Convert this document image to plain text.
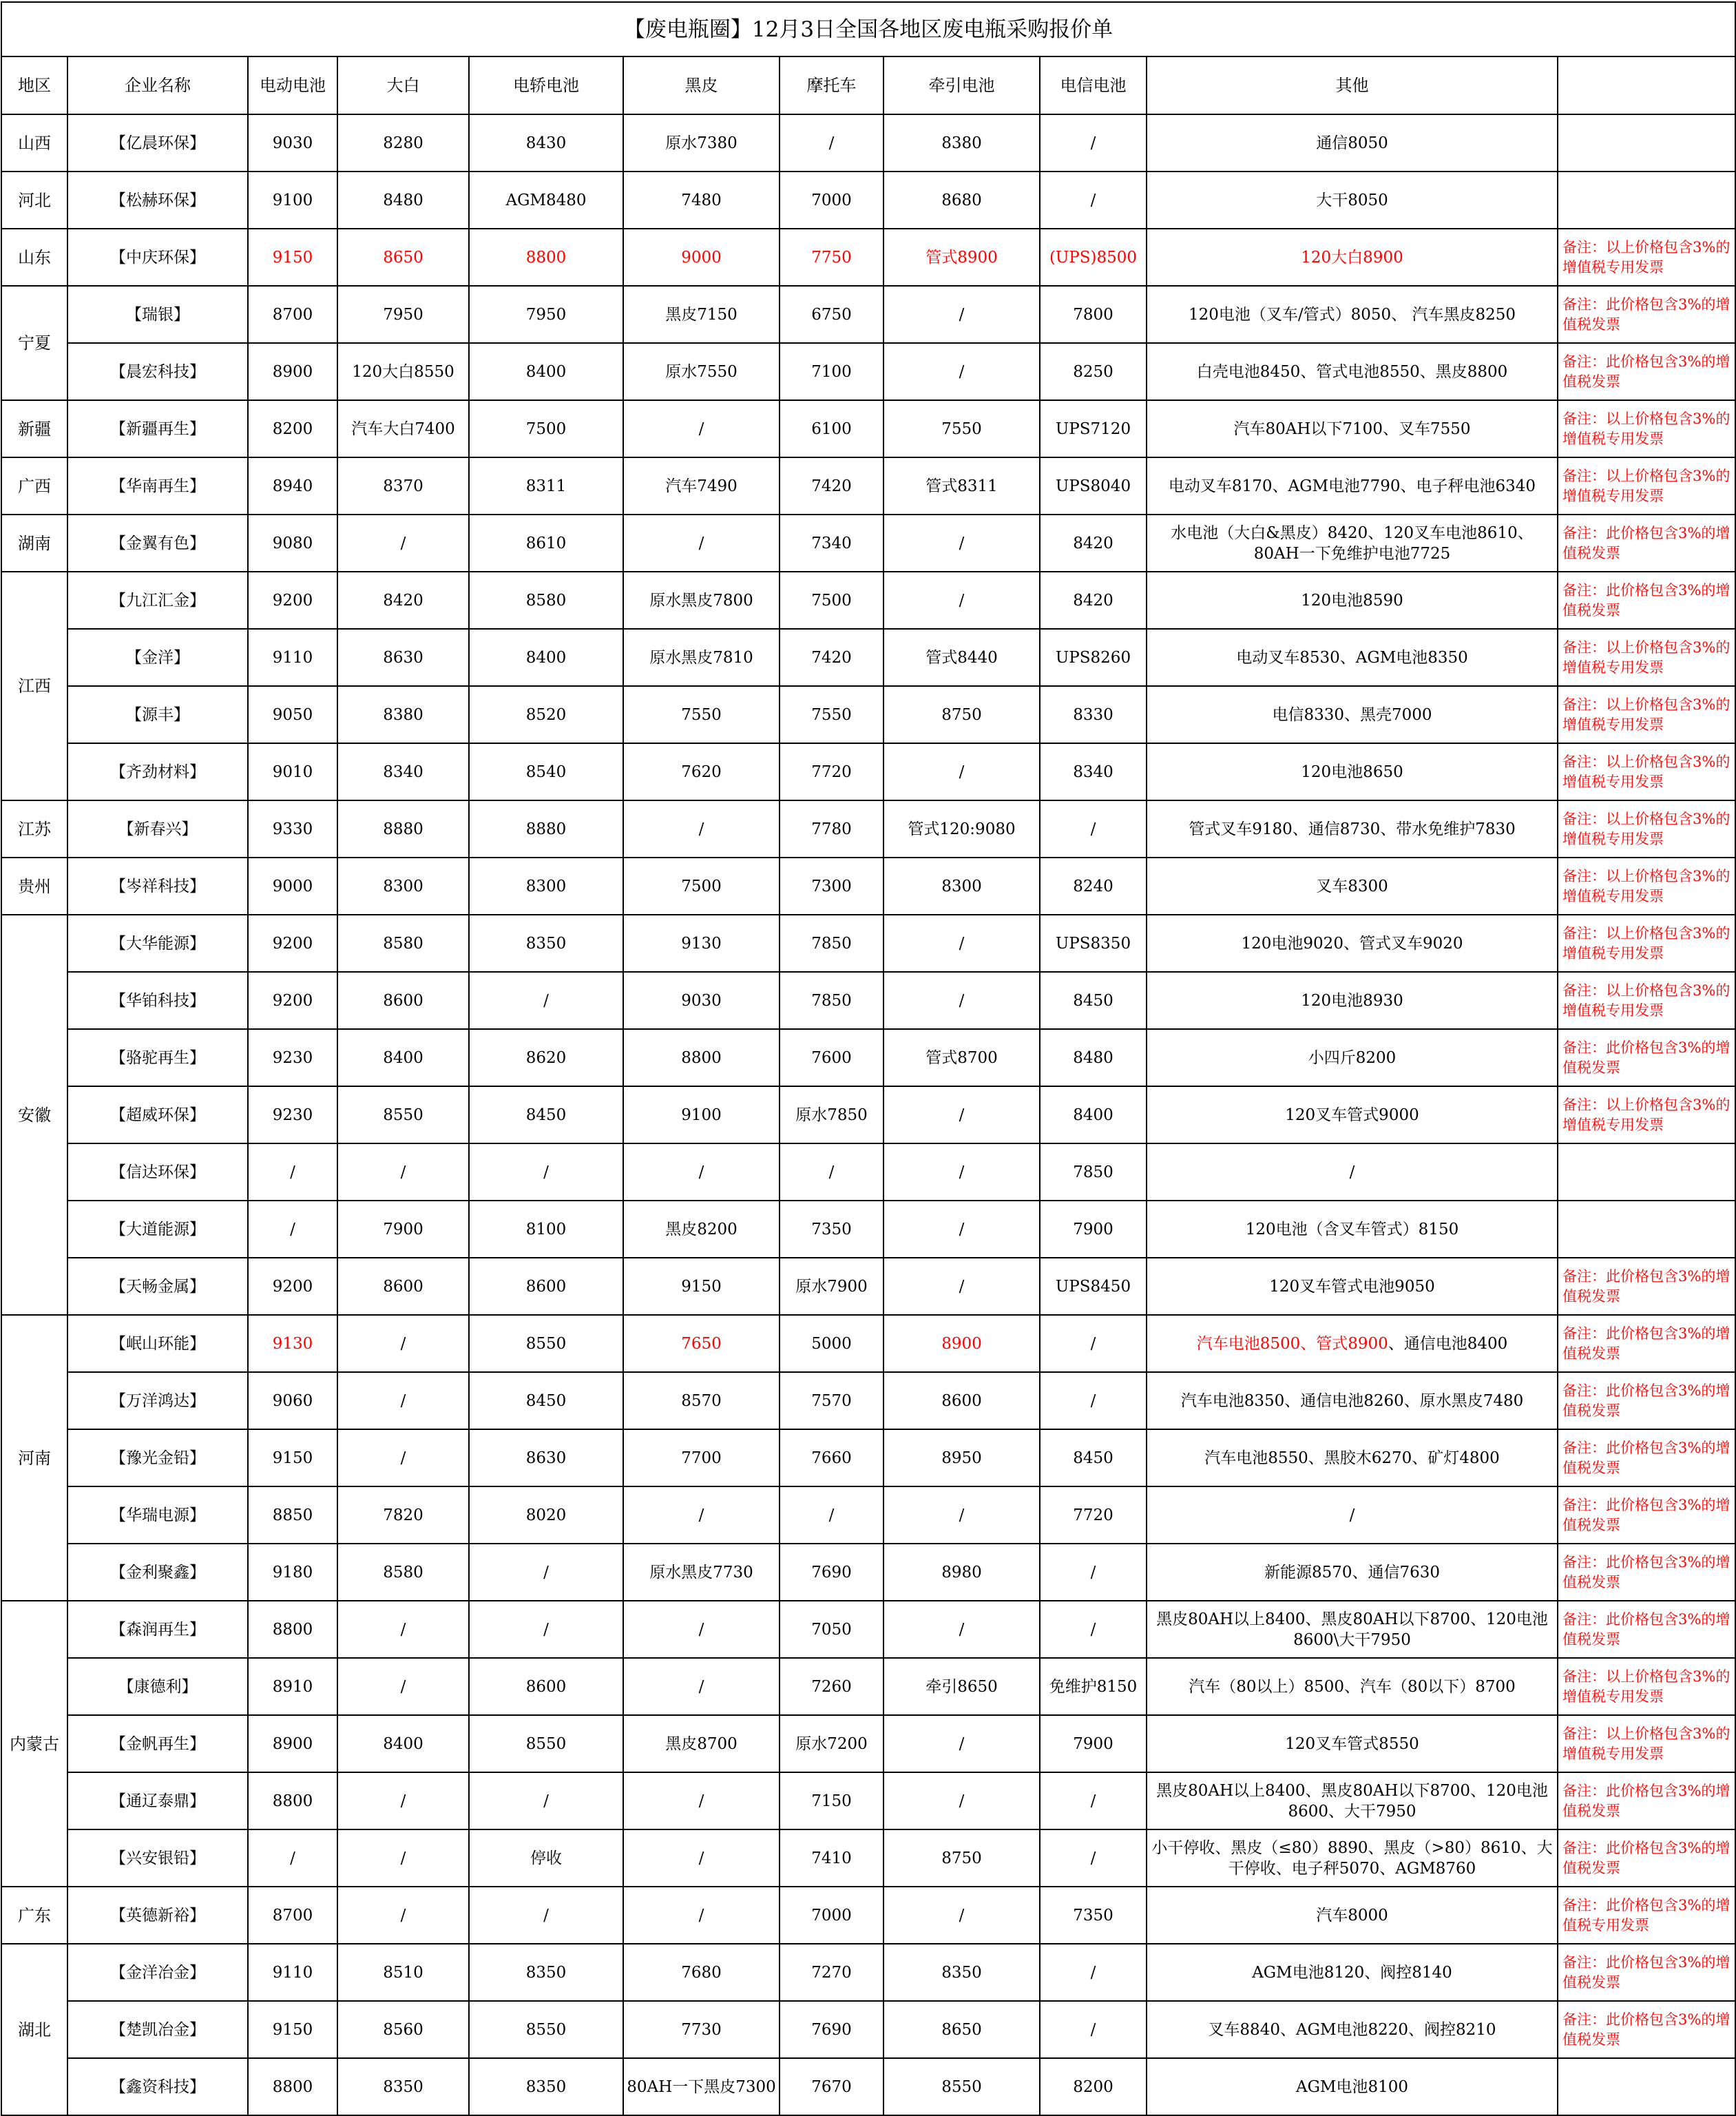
【废电瓶圈】12月3日全国各地区废电瓶采购报价单										
地区	企业名称	电动电池	大白	电轿电池	黑皮	摩托车	牵引电池	电信电池	其他	
山西	【亿晨环保】	9030	8280	8430	原水7380	/	8380	/	通信8050	
河北	【松赫环保】	9100	8480	AGM8480	7480	7000	8680	/	大干8050	
山东	【中庆环保】	9150	8650	8800	9000	7750	管式8900	(UPS)8500	120大白8900	备注：以上价格包含3%的增值税专用发票
宁夏	【瑞银】	8700	7950	7950	黑皮7150	6750	/	7800	120电池（叉车/管式）8050、 汽车黑皮8250	备注：此价格包含3%的增值税发票
	【晨宏科技】	8900	120大白8550	8400	原水7550	7100	/	8250	白壳电池8450、管式电池8550、黑皮8800	备注：此价格包含3%的增值税发票
新疆	【新疆再生】	8200	汽车大白7400	7500	/	6100	7550	UPS7120	汽车80AH以下7100、叉车7550	备注：以上价格包含3%的增值税专用发票
广西	【华南再生】	8940	8370	8311	汽车7490	7420	管式8311	UPS8040	电动叉车8170、AGM电池7790、电子秤电池6340	备注：以上价格包含3%的增值税专用发票
湖南	【金翼有色】	9080	/	8610	/	7340	/	8420	水电池（大白&黑皮）8420、120叉车电池8610、80AH一下免维护电池7725	备注：此价格包含3%的增值税发票
江西	【九江汇金】	9200	8420	8580	原水黑皮7800	7500	/	8420	120电池8590	备注：此价格包含3%的增值税发票
	【金洋】	9110	8630	8400	原水黑皮7810	7420	管式8440	UPS8260	电动叉车8530、AGM电池8350	备注：以上价格包含3%的增值税专用发票
	【源丰】	9050	8380	8520	7550	7550	8750	8330	电信8330、黑壳7000	备注：以上价格包含3%的增值税专用发票
	【齐劲材料】	9010	8340	8540	7620	7720	/	8340	120电池8650	备注：以上价格包含3%的增值税专用发票
江苏	【新春兴】	9330	8880	8880	/	7780	管式120:9080	/	管式叉车9180、通信8730、带水免维护7830	备注：以上价格包含3%的增值税专用发票
贵州	【岑祥科技】	9000	8300	8300	7500	7300	8300	8240	叉车8300	备注：以上价格包含3%的增值税专用发票
安徽	【大华能源】	9200	8580	8350	9130	7850	/	UPS8350	120电池9020、管式叉车9020	备注：以上价格包含3%的增值税专用发票
	【华铂科技】	9200	8600	/	9030	7850	/	8450	120电池8930	备注：以上价格包含3%的增值税专用发票
	【骆驼再生】	9230	8400	8620	8800	7600	管式8700	8480	小四斤8200	备注：此价格包含3%的增值税发票
	【超威环保】	9230	8550	8450	9100	原水7850	/	8400	120叉车管式9000	备注：以上价格包含3%的增值税专用发票
	【信达环保】	/	/	/	/	/	/	7850	/	
	【大道能源】	/	7900	8100	黑皮8200	7350	/	7900	120电池（含叉车管式）8150	
	【天畅金属】	9200	8600	8600	9150	原水7900	/	UPS8450	120叉车管式电池9050	备注：此价格包含3%的增值税发票
河南	【岷山环能】	9130	/	8550	7650	5000	8900	/	汽车电池8500、管式8900、通信电池8400	备注：此价格包含3%的增值税发票
	【万洋鸿达】	9060	/	8450	8570	7570	8600	/	汽车电池8350、通信电池8260、原水黑皮7480	备注：此价格包含3%的增值税发票
	【豫光金铅】	9150	/	8630	7700	7660	8950	8450	汽车电池8550、黑胶木6270、矿灯4800	备注：此价格包含3%的增值税发票
	【华瑞电源】	8850	7820	8020	/	/	/	7720	/	备注：此价格包含3%的增值税发票
	【金利聚鑫】	9180	8580	/	原水黑皮7730	7690	8980	/	新能源8570、通信7630	备注：此价格包含3%的增值税发票
内蒙古	【森润再生】	8800	/	/	/	7050	/	/	黑皮80AH以上8400、黑皮80AH以下8700、120电池8600\大干7950	备注：此价格包含3%的增值税发票
	【康德利】	8910	/	8600	/	7260	牵引8650	免维护8150	汽车（80以上）8500、汽车（80以下）8700	备注：以上价格包含3%的增值税专用发票
	【金帆再生】	8900	8400	8550	黑皮8700	原水7200	/	7900	120叉车管式8550	备注：以上价格包含3%的增值税专用发票
	【通辽泰鼎】	8800	/	/	/	7150	/	/	黑皮80AH以上8400、黑皮80AH以下8700、120电池8600、大干7950	备注：此价格包含3%的增值税发票
	【兴安银铅】	/	/	停收	/	7410	8750	/	小干停收、黑皮（≤80）8890、黑皮（>80）8610、大干停收、电子秤5070、AGM8760	备注：此价格包含3%的增值税发票
广东	【英德新裕】	8700	/	/	/	7000	/	7350	汽车8000	备注：此价格包含3%的增值税专用发票
湖北	【金洋冶金】	9110	8510	8350	7680	7270	8350	/	AGM电池8120、阀控8140	备注：此价格包含3%的增值税发票
	【楚凯冶金】	9150	8560	8550	7730	7690	8650	/	叉车8840、AGM电池8220、阀控8210	备注：此价格包含3%的增值税发票
	【鑫资科技】	8800	8350	8350	80AH一下黑皮7300	7670	8550	8200	AGM电池8100	
